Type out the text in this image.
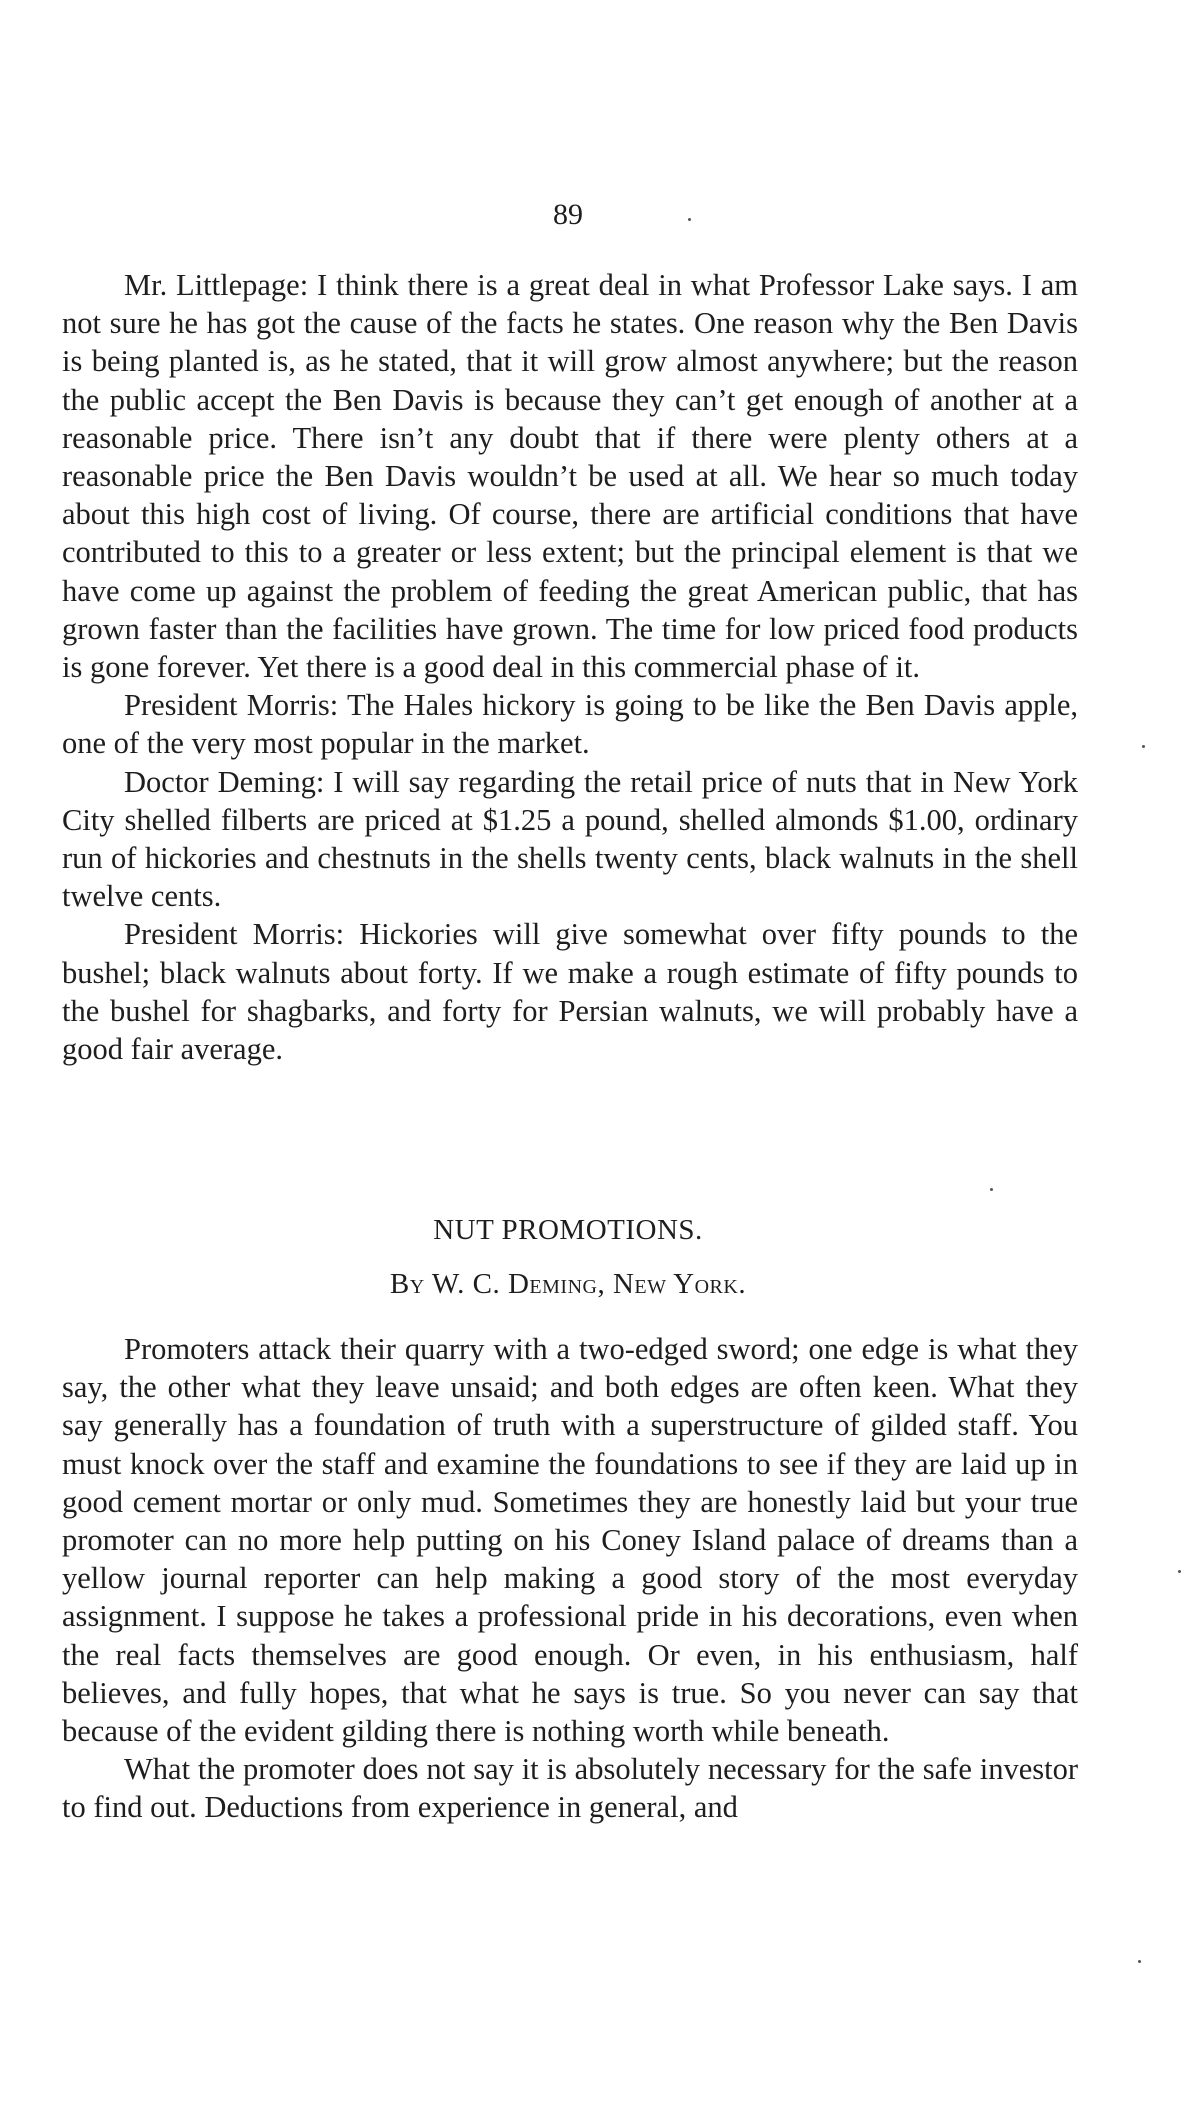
89

Mr. Littlepage: I think there is a great deal in what Professor Lake says. I am not sure he has got the cause of the facts he states. One reason why the Ben Davis is being planted is, as he stated, that it will grow almost anywhere; but the reason the public accept the Ben Davis is because they can’t get enough of another at a reasonable price. There isn’t any doubt that if there were plenty others at a reasonable price the Ben Davis wouldn’t be used at all. We hear so much today about this high cost of living. Of course, there are artificial conditions that have contributed to this to a greater or less extent; but the principal element is that we have come up against the problem of feeding the great American public, that has grown faster than the facilities have grown. The time for low priced food products is gone forever. Yet there is a good deal in this commercial phase of it.

President Morris: The Hales hickory is going to be like the Ben Davis apple, one of the very most popular in the market.

Doctor Deming: I will say regarding the retail price of nuts that in New York City shelled filberts are priced at $1.25 a pound, shelled almonds $1.00, ordinary run of hickories and chestnuts in the shells twenty cents, black walnuts in the shell twelve cents.

President Morris: Hickories will give somewhat over fifty pounds to the bushel; black walnuts about forty. If we make a rough estimate of fifty pounds to the bushel for shagbarks, and forty for Persian walnuts, we will probably have a good fair average.

NUT PROMOTIONS.
By W. C. Deming, New York.

Promoters attack their quarry with a two-edged sword; one edge is what they say, the other what they leave unsaid; and both edges are often keen. What they say generally has a foundation of truth with a superstructure of gilded staff. You must knock over the staff and examine the foundations to see if they are laid up in good cement mortar or only mud. Sometimes they are honestly laid but your true promoter can no more help putting on his Coney Island palace of dreams than a yellow journal reporter can help making a good story of the most everyday assignment. I suppose he takes a professional pride in his decorations, even when the real facts themselves are good enough. Or even, in his enthusiasm, half believes, and fully hopes, that what he says is true. So you never can say that because of the evident gilding there is nothing worth while beneath.

What the promoter does not say it is absolutely necessary for the safe investor to find out. Deductions from experience in general, and
